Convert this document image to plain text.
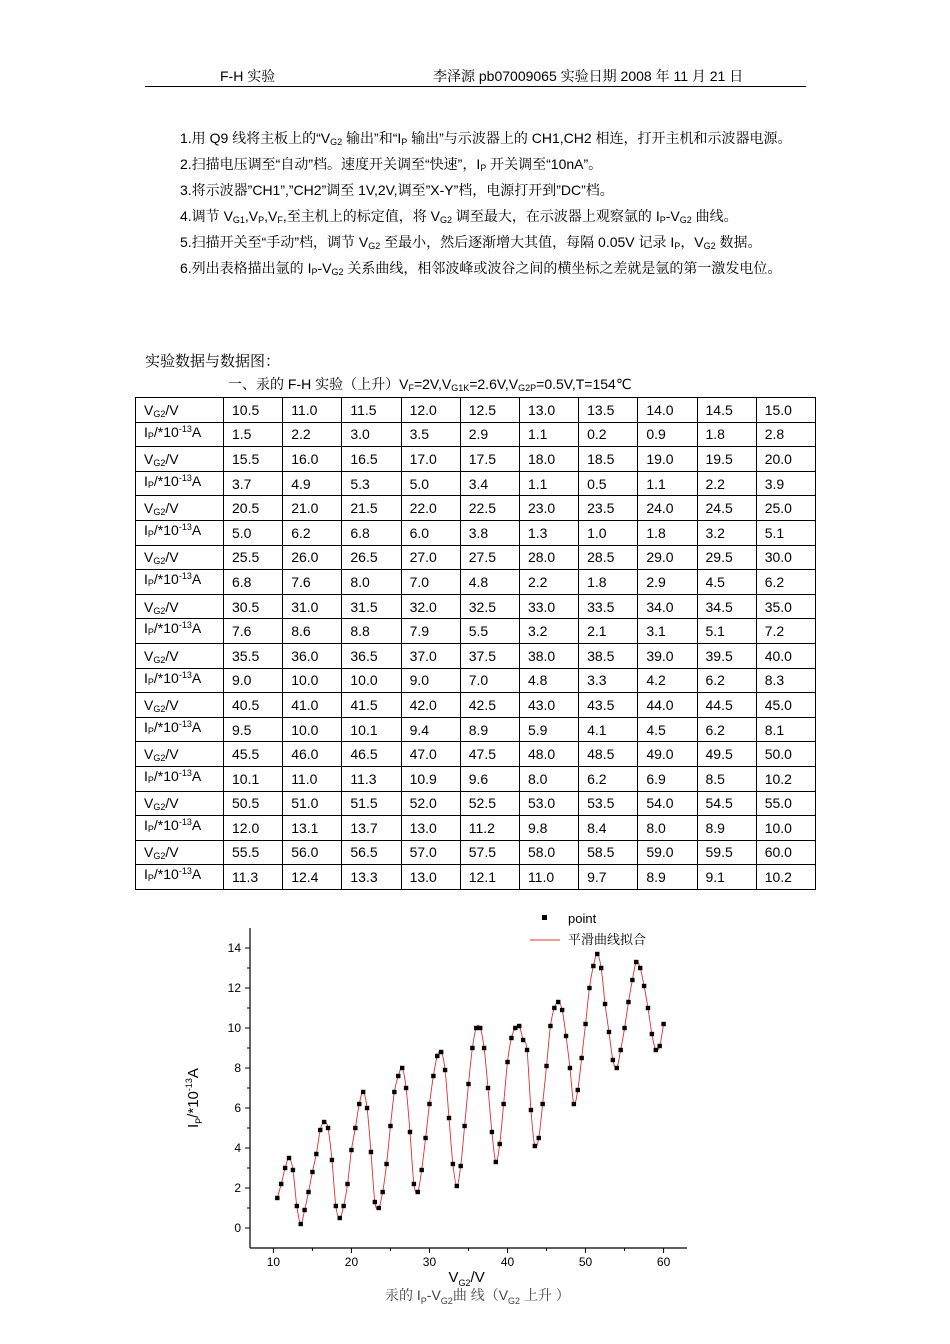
F-H 实验	李泽源 pb07009065 实验日期 2008 年 11 月 21 日

1.用 Q9 线将主板上的“$V_{G2}$ 输出”和“$I_P$ 输出”与示波器上的 CH1,CH2 相连，打开主机和示波器电源。

2.扫描电压调至“自动”档。速度开关调至“快速”，$I_P$ 开关调至“10nA”。

3.将示波器”CH1”,”CH2”调至 1V,2V,调至”X-Y”档，电源打开到”DC”档。

4.调节 $V_{G1},V_P,V_F$,至主机上的标定值，将 $V_{G2}$ 调至最大，在示波器上观察氩的 $I_P-V_{G2}$ 曲线。

5.扫描开关至“手动”档，调节 $V_{G2}$ 至最小，然后逐渐增大其值，每隔 0.05V 记录 $I_P$，$V_{G2}$ 数据。

6.列出表格描出氩的 $I_P-V_{G2}$ 关系曲线，相邻波峰或波谷之间的横坐标之差就是氩的第一激发电位。

实验数据与数据图：
一、汞的 F-H 实验（上升）$V_F=2V,V_{G1K}=2.6V,V_{G2P}=0.5V,T=154℃$
$V_{G2}/V$	10.5	11.0	11.5	12.0	12.5	13.0	13.5	14.0	14.5	15.0
$I_P/*10^{-13}A$	1.5	2.2	3.0	3.5	2.9	1.1	0.2	0.9	1.8	2.8
$V_{G2}/V$	15.5	16.0	16.5	17.0	17.5	18.0	18.5	19.0	19.5	20.0
$I_P/*10^{-13}A$	3.7	4.9	5.3	5.0	3.4	1.1	0.5	1.1	2.2	3.9
$V_{G2}/V$	20.5	21.0	21.5	22.0	22.5	23.0	23.5	24.0	24.5	25.0
$I_P/*10^{-13}A$	5.0	6.2	6.8	6.0	3.8	1.3	1.0	1.8	3.2	5.1
$V_{G2}/V$	25.5	26.0	26.5	27.0	27.5	28.0	28.5	29.0	29.5	30.0
$I_P/*10^{-13}A$	6.8	7.6	8.0	7.0	4.8	2.2	1.8	2.9	4.5	6.2
$V_{G2}/V$	30.5	31.0	31.5	32.0	32.5	33.0	33.5	34.0	34.5	35.0
$I_P/*10^{-13}A$	7.6	8.6	8.8	7.9	5.5	3.2	2.1	3.1	5.1	7.2
$V_{G2}/V$	35.5	36.0	36.5	37.0	37.5	38.0	38.5	39.0	39.5	40.0
$I_P/*10^{-13}A$	9.0	10.0	10.0	9.0	7.0	4.8	3.3	4.2	6.2	8.3
$V_{G2}/V$	40.5	41.0	41.5	42.0	42.5	43.0	43.5	44.0	44.5	45.0
$I_P/*10^{-13}A$	9.5	10.0	10.1	9.4	8.9	5.9	4.1	4.5	6.2	8.1
$V_{G2}/V$	45.5	46.0	46.5	47.0	47.5	48.0	48.5	49.0	49.5	50.0
$I_P/*10^{-13}A$	10.1	11.0	11.3	10.9	9.6	8.0	6.2	6.9	8.5	10.2
$V_{G2}/V$	50.5	51.0	51.5	52.0	52.5	53.0	53.5	54.0	54.5	55.0
$I_P/*10^{-13}A$	12.0	13.1	13.7	13.0	11.2	9.8	8.4	8.0	8.9	10.0
$V_{G2}/V$	55.5	56.0	56.5	57.0	57.5	58.0	58.5	59.0	59.5	60.0
$I_P/*10^{-13}A$	11.3	12.4	13.3	13.0	12.1	11.0	9.7	8.9	9.1	10.2
10	20	30	40	50	60
0
2
4
6
8
10
12
14
$V_{G2}/V$
$I_P/*10^{-13}A$
point
平滑曲线拟合
汞的 $I_P-V_{G2}$曲 线（$V_{G2}$ 上升 ）
